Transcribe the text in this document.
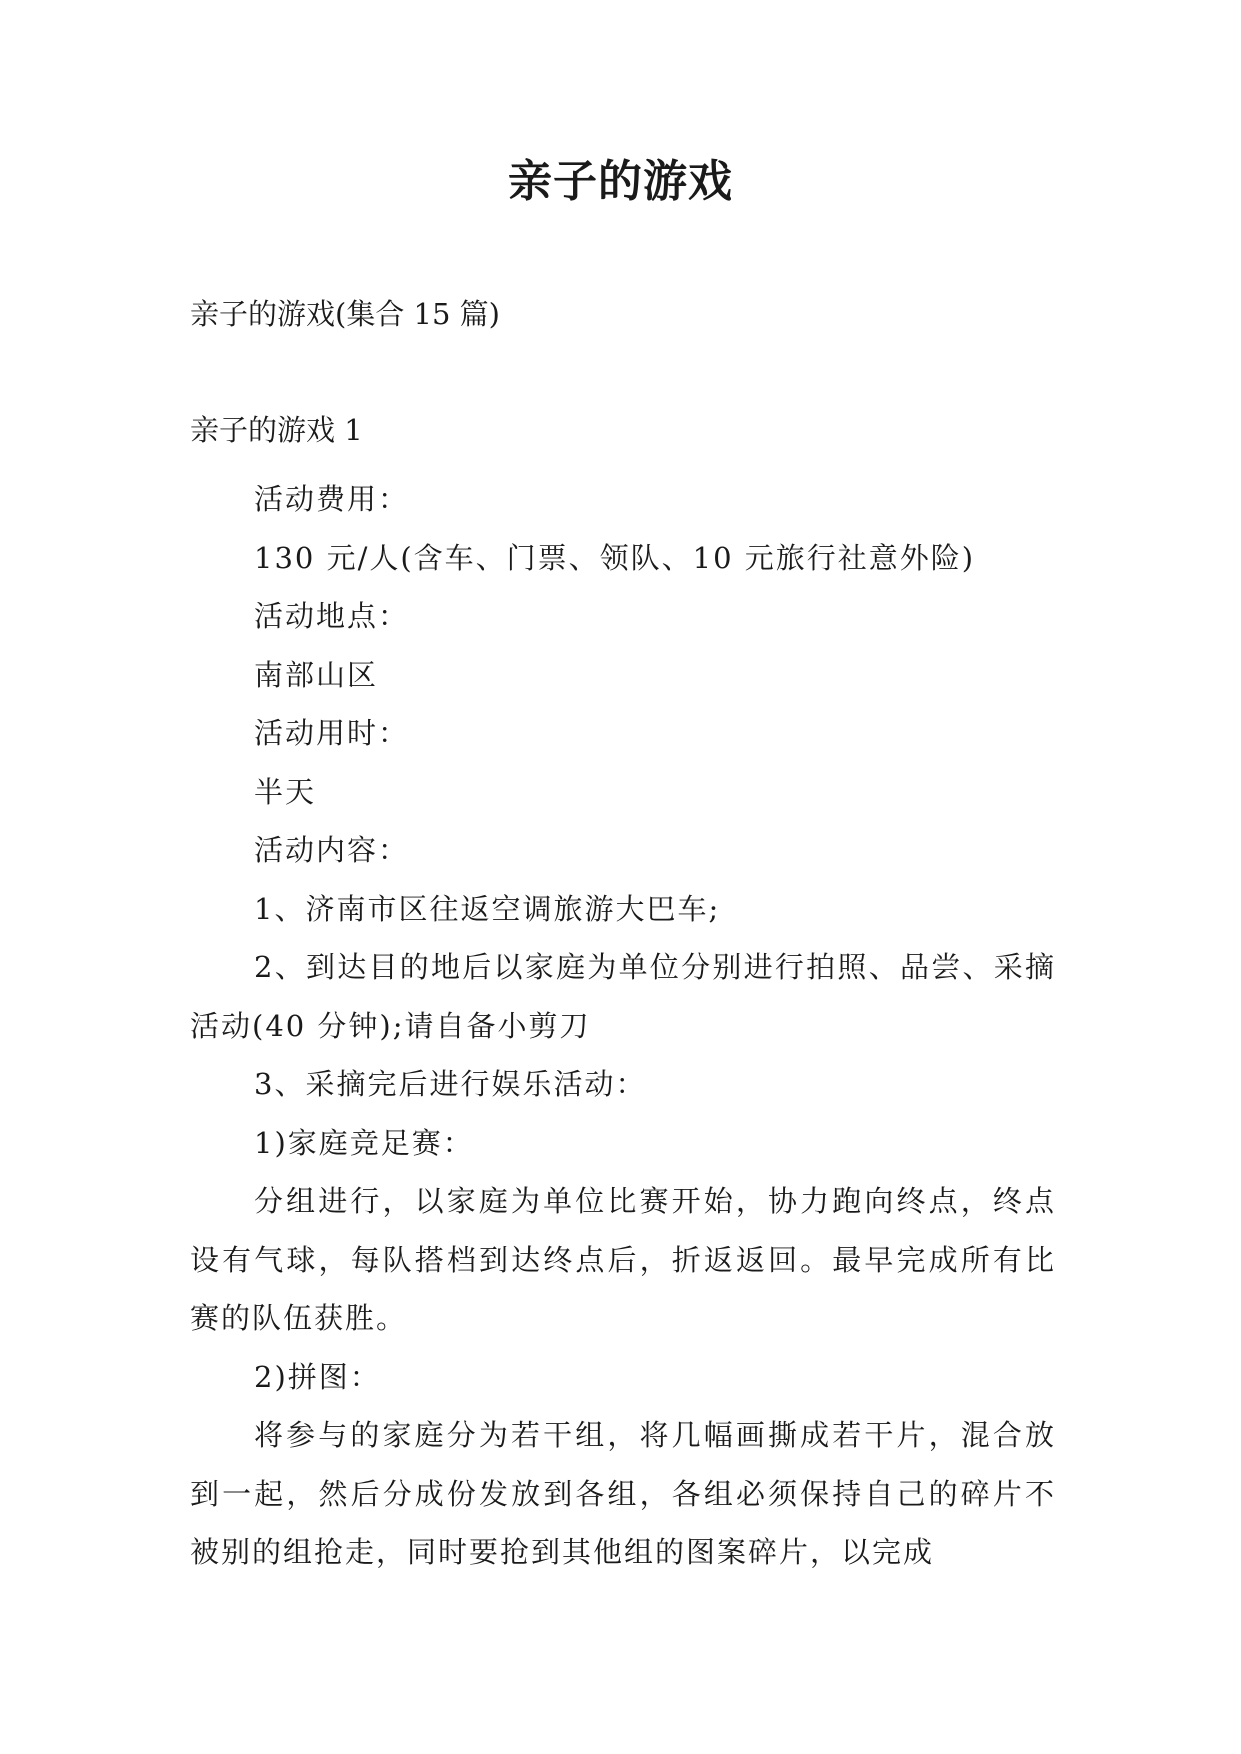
亲子的游戏

亲子的游戏(集合 15 篇)

亲子的游戏 1

活动费用：

130 元/人(含车、门票、领队、10 元旅行社意外险)

活动地点：

南部山区

活动用时：

半天

活动内容：

1、济南市区往返空调旅游大巴车;

2、到达目的地后以家庭为单位分别进行拍照、品尝、采摘活动(40 分钟);请自备小剪刀

3、采摘完后进行娱乐活动：

1)家庭竞足赛：

分组进行，以家庭为单位比赛开始，协力跑向终点，终点设有气球，每队搭档到达终点后，折返返回。最早完成所有比赛的队伍获胜。

2)拼图：

将参与的家庭分为若干组，将几幅画撕成若干片，混合放到一起，然后分成份发放到各组，各组必须保持自己的碎片不被别的组抢走，同时要抢到其他组的图案碎片，以完成
